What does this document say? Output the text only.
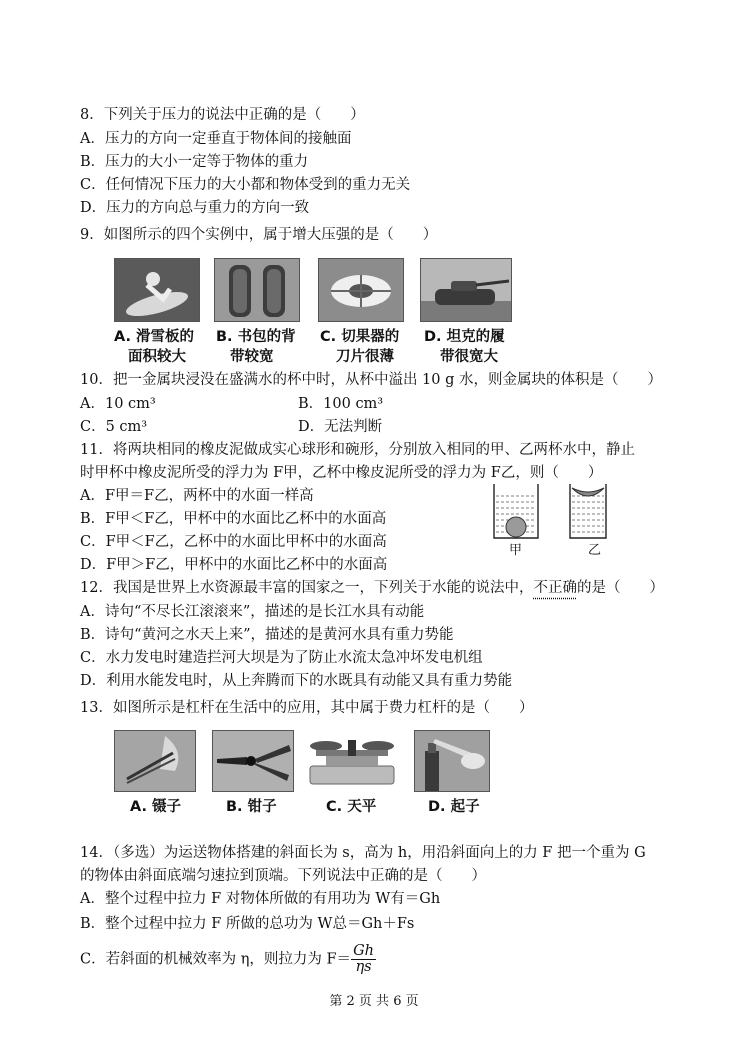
8．下列关于压力的说法中正确的是（　　）
A．压力的方向一定垂直于物体间的接触面
B．压力的大小一定等于物体的重力
C．任何情况下压力的大小都和物体受到的重力无关
D．压力的方向总与重力的方向一致
9．如图所示的四个实例中，属于增大压强的是（　　）
A. 滑雪板的
面积较大
B. 书包的背
带较宽
C. 切果器的
刀片很薄
D. 坦克的履
带很宽大
10．把一金属块浸没在盛满水的杯中时，从杯中溢出 10 g 水，则金属块的体积是（　　）
A．10 cm³	B．100 cm³
C．5 cm³	D．无法判断
11．将两块相同的橡皮泥做成实心球形和碗形，分别放入相同的甲、乙两杯水中，静止
时甲杯中橡皮泥所受的浮力为 F甲，乙杯中橡皮泥所受的浮力为 F乙，则（　　）
A．F甲＝F乙，两杯中的水面一样高
B．F甲＜F乙，甲杯中的水面比乙杯中的水面高
C．F甲＜F乙，乙杯中的水面比甲杯中的水面高
D．F甲＞F乙，甲杯中的水面比乙杯中的水面高
甲	乙
12．我国是世界上水资源最丰富的国家之一，下列关于水能的说法中，不正确的是（　　）
A．诗句“不尽长江滚滚来”，描述的是长江水具有动能
B．诗句“黄河之水天上来”，描述的是黄河水具有重力势能
C．水力发电时建造拦河大坝是为了防止水流太急冲坏发电机组
D．利用水能发电时，从上奔腾而下的水既具有动能又具有重力势能
13．如图所示是杠杆在生活中的应用，其中属于费力杠杆的是（　　）
A. 镊子	B. 钳子	C. 天平	D. 起子
14．（多选）为运送物体搭建的斜面长为 s，高为 h，用沿斜面向上的力 F 把一个重为 G
的物体由斜面底端匀速拉到顶端。下列说法中正确的是（　　）
A．整个过程中拉力 F 对物体所做的有用功为 W有＝Gh
B．整个过程中拉力 F 所做的总功为 W总＝Gh＋Fs
C．若斜面的机械效率为 η，则拉力为 $F= \frac{Gh}{\eta s}$
第 2 页 共 6 页
